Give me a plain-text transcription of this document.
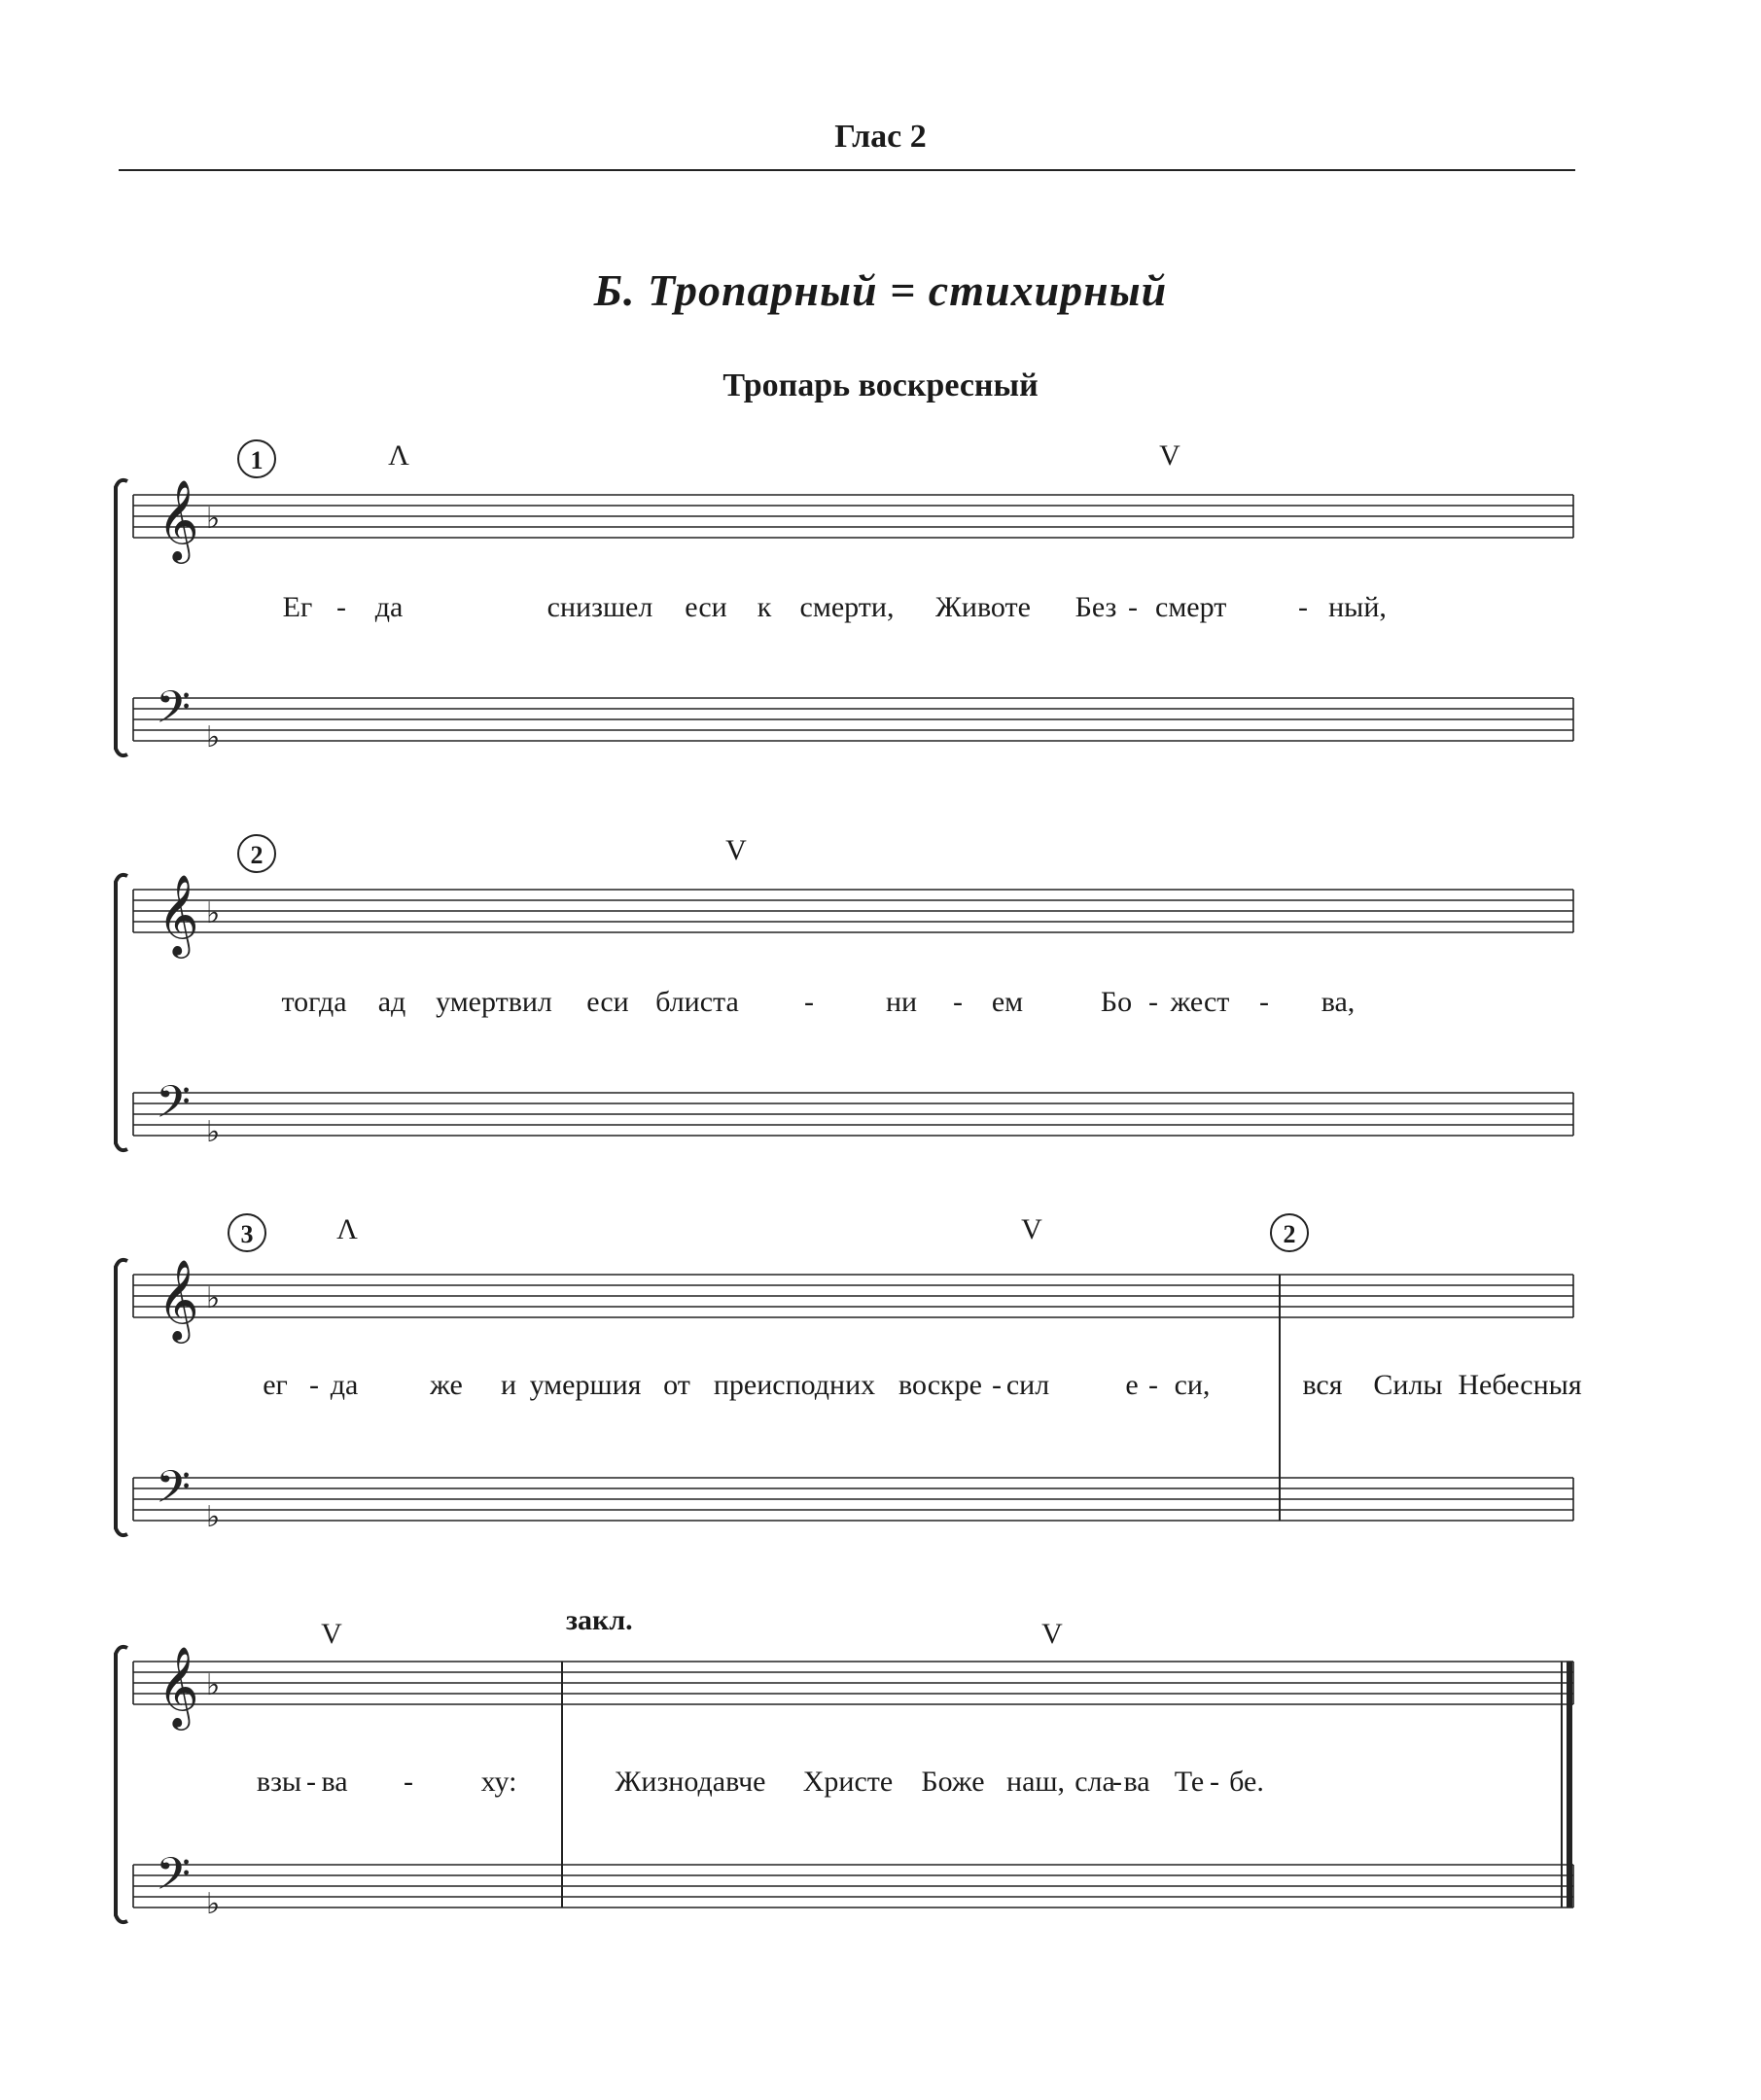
Глас 2
Б. Тропарный = стихирный
Тропарь воскресный
𝄞 ♭
𝄢 ♭
1	Λ	V
Ег - да	снизшел еси к смерти, Животе Без - смерт - ный,
𝄞 ♭
𝄢 ♭
2	V
тогда ад умертвил еси блиста - ни - ем	Бо - жест - ва,
𝄞 ♭
𝄢 ♭
3	2
Λ	V
ег - да же и умершия от преисподних воскре - сил	е - си,	вся Силы Небесныя
𝄞 ♭
𝄢 ♭
закл.
V	V
взы - ва - ху:	Жизнодавче Христе Боже наш, сла
- ва Те - бе.
